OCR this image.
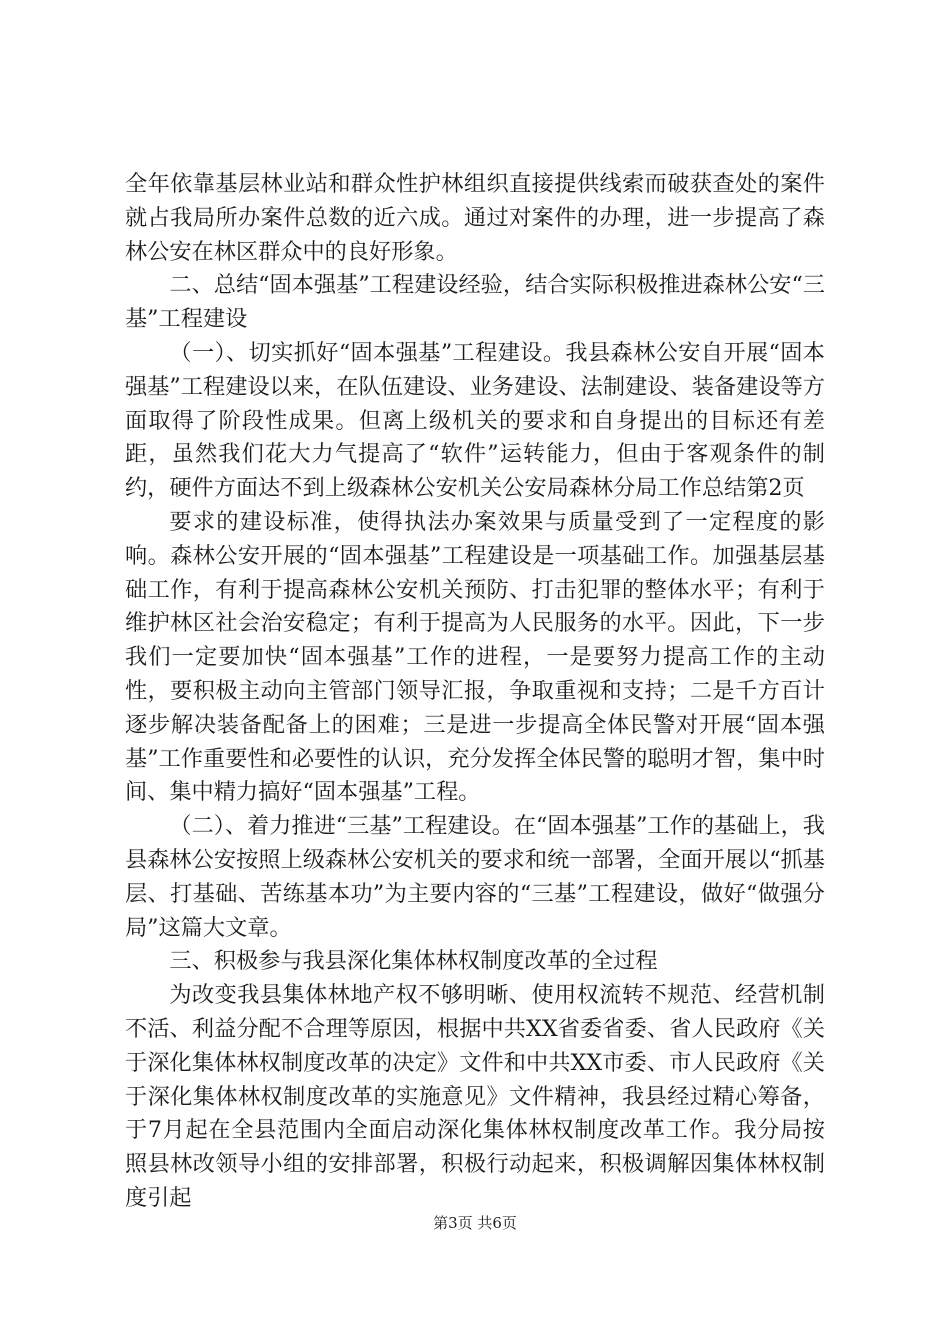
全年依靠基层林业站和群众性护林组织直接提供线索而破获查处的案件就占我局所办案件总数的近六成。通过对案件的办理，进一步提高了森林公安在林区群众中的良好形象。

二、总结“固本强基”工程建设经验，结合实际积极推进森林公安“三基”工程建设

（一）、切实抓好“固本强基”工程建设。我县森林公安自开展“固本强基”工程建设以来，在队伍建设、业务建设、法制建设、装备建设等方面取得了阶段性成果。但离上级机关的要求和自身提出的目标还有差距，虽然我们花大力气提高了“软件”运转能力，但由于客观条件的制约，硬件方面达不到上级森林公安机关公安局森林分局工作总结第2页

要求的建设标准，使得执法办案效果与质量受到了一定程度的影响。森林公安开展的“固本强基”工程建设是一项基础工作。加强基层基础工作，有利于提高森林公安机关预防、打击犯罪的整体水平；有利于维护林区社会治安稳定；有利于提高为人民服务的水平。因此，下一步我们一定要加快“固本强基”工作的进程，一是要努力提高工作的主动性，要积极主动向主管部门领导汇报，争取重视和支持；二是千方百计逐步解决装备配备上的困难；三是进一步提高全体民警对开展“固本强基”工作重要性和必要性的认识，充分发挥全体民警的聪明才智，集中时间、集中精力搞好“固本强基”工程。

（二）、着力推进“三基”工程建设。在“固本强基”工作的基础上，我县森林公安按照上级森林公安机关的要求和统一部署，全面开展以“抓基层、打基础、苦练基本功”为主要内容的“三基”工程建设，做好“做强分局”这篇大文章。

三、积极参与我县深化集体林权制度改革的全过程

为改变我县集体林地产权不够明晰、使用权流转不规范、经营机制不活、利益分配不合理等原因，根据中共XX省委省委、省人民政府《关于深化集体林权制度改革的决定》文件和中共XX市委、市人民政府《关于深化集体林权制度改革的实施意见》文件精神，我县经过精心筹备，于7月起在全县范围内全面启动深化集体林权制度改革工作。我分局按照县林改领导小组的安排部署，积极行动起来，积极调解因集体林权制度引起

第3页 共6页
